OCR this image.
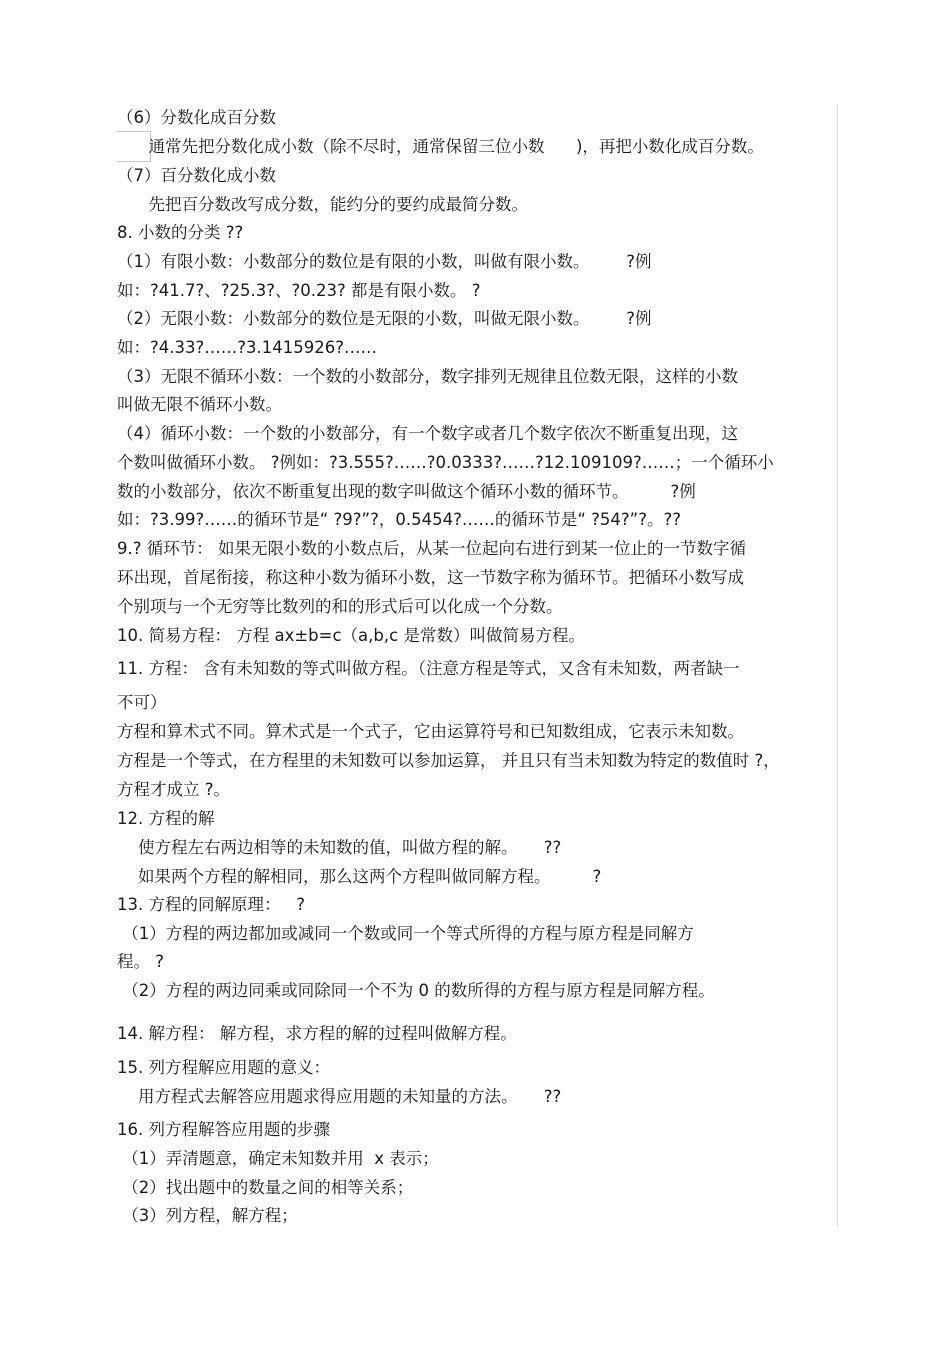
（6）分数化成百分数

通常先把分数化成小数（除不尽时，通常保留三位小数      )，再把小数化成百分数。

（7）百分数化成小数

先把百分数改写成分数，能约分的要约成最简分数。

8. 小数的分类 ??

（1）有限小数：小数部分的数位是有限的小数，叫做有限小数。       ?例

如：?41.7?、?25.3?、?0.23? 都是有限小数。 ?

（2）无限小数：小数部分的数位是无限的小数，叫做无限小数。       ?例

如：?4.33?……?3.1415926?……

（3）无限不循环小数：一个数的小数部分，数字排列无规律且位数无限，这样的小数

叫做无限不循环小数。

（4）循环小数：一个数的小数部分，有一个数字或者几个数字依次不断重复出现，这

个数叫做循环小数。 ?例如：?3.555?……?0.0333?……?12.109109?……；一个循环小

数的小数部分，依次不断重复出现的数字叫做这个循环小数的循环节。        ?例

如：?3.99?……的循环节是“ ?9?”?，0.5454?……的循环节是“ ?54?”?。??

9.? 循环节： 如果无限小数的小数点后，从某一位起向右进行到某一位止的一节数字循

环出现，首尾衔接，称这种小数为循环小数，这一节数字称为循环节。把循环小数写成

个别项与一个无穷等比数列的和的形式后可以化成一个分数。

10. 简易方程： 方程 ax±b=c（a,b,c 是常数）叫做简易方程。

11. 方程： 含有未知数的等式叫做方程。（注意方程是等式，又含有未知数，两者缺一

不可）

方程和算术式不同。算术式是一个式子，它由运算符号和已知数组成，它表示未知数。

方程是一个等式，在方程里的未知数可以参加运算， 并且只有当未知数为特定的数值时 ?，

方程才成立 ?。

12. 方程的解

使方程左右两边相等的未知数的值，叫做方程的解。     ??

如果两个方程的解相同，那么这两个方程叫做同解方程。        ?

13. 方程的同解原理：   ?

（1）方程的两边都加或减同一个数或同一个等式所得的方程与原方程是同解方

程。 ?

（2）方程的两边同乘或同除同一个不为 0 的数所得的方程与原方程是同解方程。

14. 解方程： 解方程，求方程的解的过程叫做解方程。

15. 列方程解应用题的意义：

用方程式去解答应用题求得应用题的未知量的方法。     ??

16. 列方程解答应用题的步骤

（1）弄清题意，确定未知数并用  x 表示；

（2）找出题中的数量之间的相等关系；

（3）列方程，解方程；
